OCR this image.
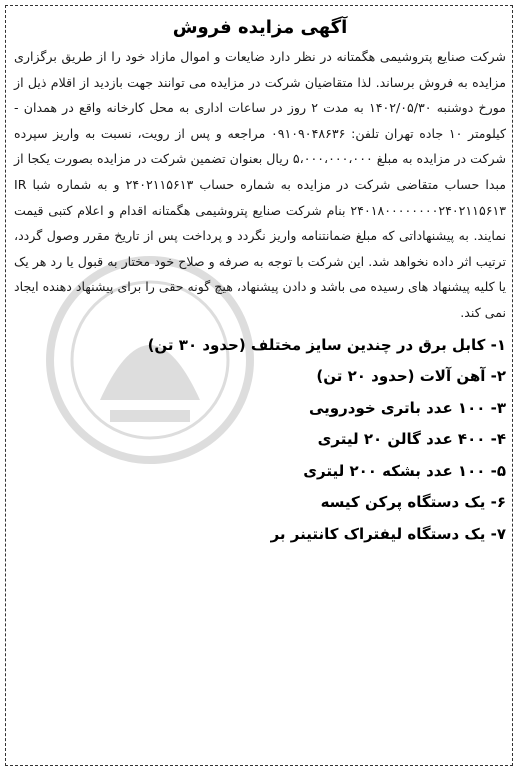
آگهی مزایده فروش

شرکت صنایع پتروشیمی هگمتانه در نظر دارد ضایعات و اموال مازاد خود را از طریق برگزاری مزایده به فروش برساند. لذا متقاضیان شرکت در مزایده می توانند جهت بازدید از اقلام ذیل از مورخ دوشنبه ۱۴۰۲/۰۵/۳۰ به مدت ۲ روز در ساعات اداری به محل کارخانه واقع در همدان - کیلومتر ۱۰ جاده تهران تلفن: ۰۹۱۰۹۰۴۸۶۳۶ مراجعه و پس از رویت، نسبت به واریز سپرده شرکت در مزایده به مبلغ ۵،۰۰۰،۰۰۰،۰۰۰ ریال بعنوان تضمین شرکت در مزایده بصورت یکجا از مبدا حساب متقاضی شرکت در مزایده به شماره حساب ۲۴۰۲۱۱۵۶۱۳ و به شماره شبا IR ۲۴۰۱۸۰۰۰۰۰۰۰۰۲۴۰۲۱۱۵۶۱۳ بنام شرکت صنایع پتروشیمی هگمتانه اقدام و اعلام کتبی قیمت نمایند. به پیشنهاداتی که مبلغ ضمانتنامه واریز نگردد و پرداخت پس از تاریخ مقرر وصول گردد، ترتیب اثر داده نخواهد شد. این شرکت با توجه به صرفه و صلاح خود مختار به قبول یا رد هر یک یا کلیه پیشنهاد های رسیده می باشد و دادن پیشنهاد، هیچ گونه حقی را برای پیشنهاد دهنده ایجاد نمی کند.

۱- کابل برق در چندین سایز مختلف (حدود ۳۰ تن)
۲- آهن آلات (حدود ۲۰ تن)
۳- ۱۰۰ عدد باتری خودرویی
۴- ۴۰۰ عدد گالن ۲۰ لیتری
۵- ۱۰۰ عدد بشکه ۲۰۰ لیتری
۶- یک دستگاه پرکن کیسه
۷- یک دستگاه لیفتراک کانتینر بر
